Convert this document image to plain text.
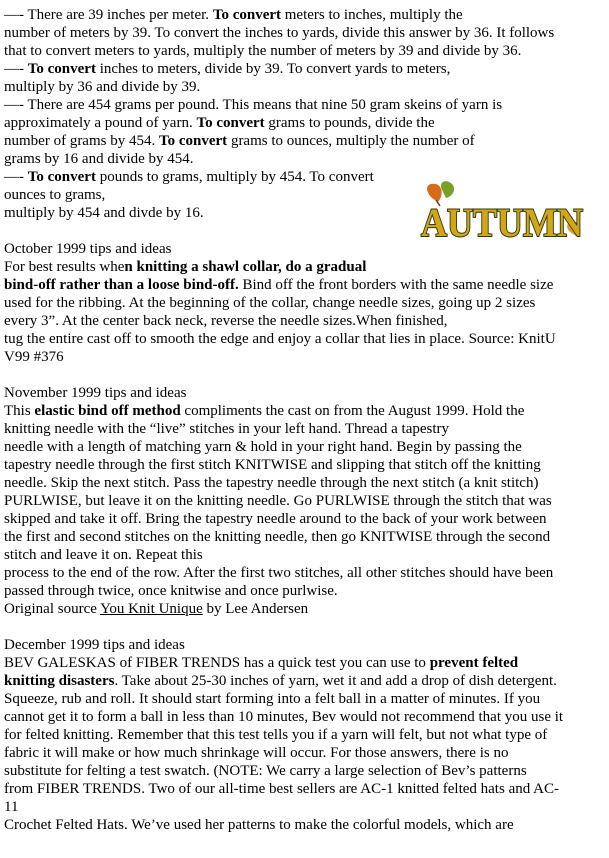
—- There are 39 inches per meter. To convert meters to inches, multiply the
number of meters by 39. To convert the inches to yards, divide this answer by 36. It follows
that to convert meters to yards, multiply the number of meters by 39 and divide by 36.
—- To convert inches to meters, divide by 39. To convert yards to meters,
multiply by 36 and divide by 39.
—- There are 454 grams per pound. This means that nine 50 gram skeins of yarn is
approximately a pound of yarn. To convert grams to pounds, divide the
number of grams by 454. To convert grams to ounces, multiply the number of
grams by 16 and divide by 454.
—- To convert pounds to grams, multiply by 454. To convert
ounces to grams,
multiply by 454 and divde by 16.
October 1999 tips and ideas
For best results when knitting a shawl collar, do a gradual
bind-off rather than a loose bind-off. Bind off the front borders with the same needle size
used for the ribbing. At the beginning of the collar, change needle sizes, going up 2 sizes
every 3”. At the center back neck, reverse the needle sizes.When finished,
tug the entire cast off to smooth the edge and enjoy a collar that lies in place. Source: KnitU
V99 #376
November 1999 tips and ideas
This elastic bind off method compliments the cast on from the August 1999. Hold the
knitting needle with the “live” stitches in your left hand. Thread a tapestry
needle with a length of matching yarn & hold in your right hand. Begin by passing the
tapestry needle through the first stitch KNITWISE and slipping that stitch off the knitting
needle. Skip the next stitch. Pass the tapestry needle through the next stitch (a knit stitch)
PURLWISE, but leave it on the knitting needle. Go PURLWISE through the stitch that was
skipped and take it off. Bring the tapestry needle around to the back of your work between
the first and second stitches on the knitting needle, then go KNITWISE through the second
stitch and leave it on. Repeat this
process to the end of the row. After the first two stitches, all other stitches should have been
passed through twice, once knitwise and once purlwise.
Original source You Knit Unique by Lee Andersen
December 1999 tips and ideas
BEV GALESKAS of FIBER TRENDS has a quick test you can use to prevent felted
knitting disasters. Take about 25-30 inches of yarn, wet it and add a drop of dish detergent.
Squeeze, rub and roll. It should start forming into a felt ball in a matter of minutes. If you
cannot get it to form a ball in less than 10 minutes, Bev would not recommend that you use it
for felted knitting. Remember that this test tells you if a yarn will felt, but not what type of
fabric it will make or how much shrinkage will occur. For those answers, there is no
substitute for felting a test swatch. (NOTE: We carry a large selection of Bev’s patterns
from FIBER TRENDS. Two of our all-time best sellers are AC-1 knitted felted hats and AC-
11
Crochet Felted Hats. We’ve used her patterns to make the colorful models, which are
AUTUMN
